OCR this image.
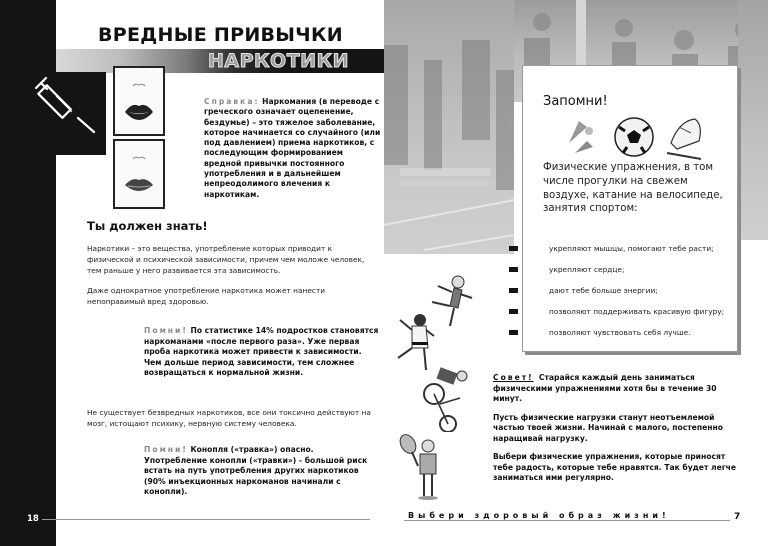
ВРЕДНЫЕ ПРИВЫЧКИ
НАРКОТИКИ
Справка: Наркомания (в переводе с греческого означает оцепенение, бездумье) – это тяжелое заболевание, которое начинается со случайного (или под давлением) приема наркотиков, с последующим формированием вредной привычки постоянного употребления и в дальнейшем непреодолимого влечения к наркотикам.
Ты должен знать!
Наркотики – это вещества, употребление которых приводит к физической и психической зависимости, причем чем моложе человек, тем раньше у него развивается эта зависимость.
Даже однократное употребление наркотика может нанести непоправимый вред здоровью.
Помни! По статистике 14% подростков становятся наркоманами «после первого раза». Уже первая проба наркотика может привести к зависимости. Чем дольше период зависимости, тем сложнее возвращаться к нормальной жизни.
Не существует безвредных наркотиков, все они токсично действуют на мозг, истощают психику, нервную систему человека.
Помни! Конопля («травка») опасно. Употребление конопли («травки») - большой риск встать на путь употребления других наркотиков (90% инъекционных наркоманов начинали с конопли).
18
Запомни!
Физические упражнения, в том числе прогулки на свежем воздухе, катание на велосипеде, занятия спортом:
укрепляют мышцы, помогают тебе расти;
укрепляют сердце;
дают тебе больше энергии;
позволяют поддерживать красивую фигуру;
позволяют чувствовать себя лучше.

Совет! Старайся каждый день заниматься физическими упражнениями хотя бы в течение 30 минут.

Пусть физические нагрузки станут неотъемлемой частью твоей жизни. Начинай с малого, постепенно наращивай нагрузку.

Выбери физические упражнения, которые приносят тебе радость, которые тебе нравятся. Так будет легче заниматься ими регулярно.

Выбери здоровый образ жизни!	7
